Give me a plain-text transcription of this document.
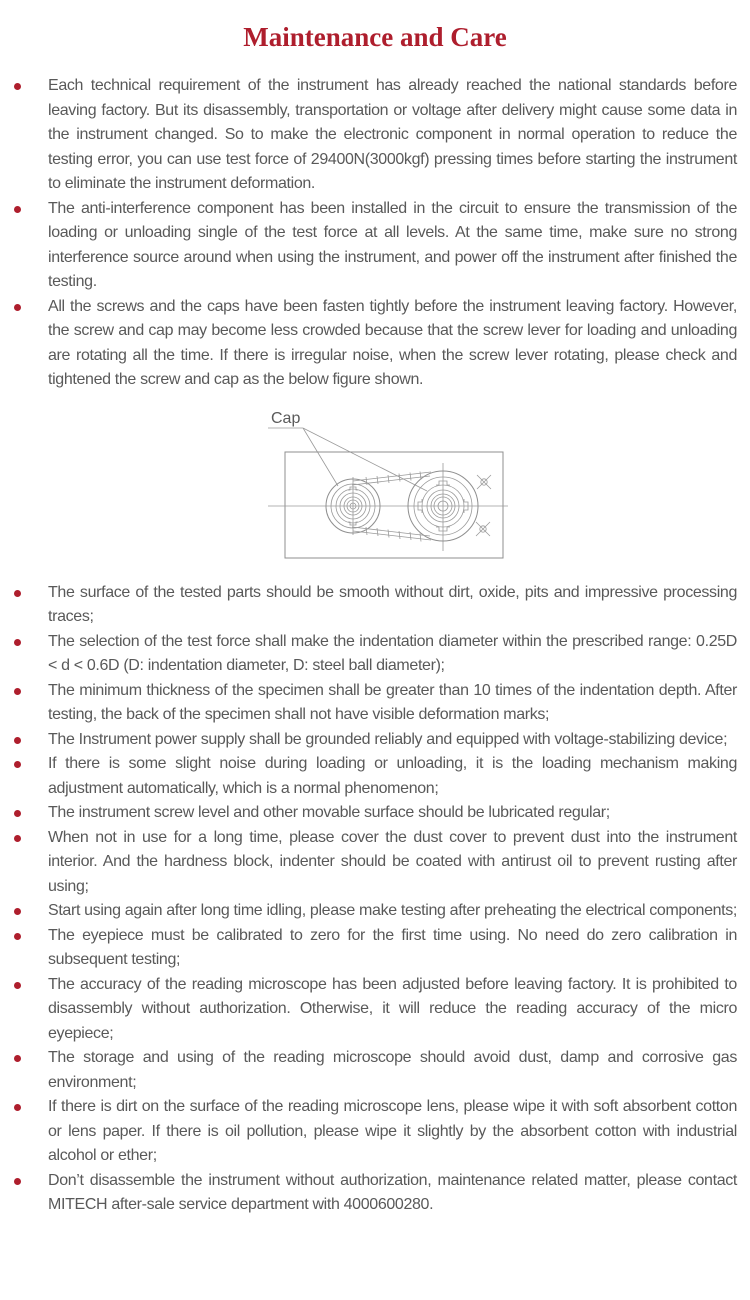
Maintenance and Care
Each technical requirement of the instrument has already reached the national standards before leaving factory. But its disassembly, transportation or voltage after delivery might cause some data in the instrument changed. So to make the electronic component in normal operation to reduce the testing error, you can use test force of 29400N(3000kgf) pressing times before starting the instrument to eliminate the instrument deformation.
The anti-interference component has been installed in the circuit to ensure the transmission of the loading or unloading single of the test force at all levels. At the same time, make sure no strong interference source around when using the instrument, and power off the instrument after finished the testing.
All the screws and the caps have been fasten tightly before the instrument leaving factory. However, the screw and cap may become less crowded because that the screw lever for loading and unloading are rotating all the time. If there is irregular noise, when the screw lever rotating, please check and tightened the screw and cap as the below figure shown.
Cap
The surface of the tested parts should be smooth without dirt, oxide, pits and impressive processing traces;
The selection of the test force shall make the indentation diameter within the prescribed range: 0.25D < d < 0.6D (D: indentation diameter, D: steel ball diameter);
The minimum thickness of the specimen shall be greater than 10 times of the indentation depth. After testing, the back of the specimen shall not have visible deformation marks;
The Instrument power supply shall be grounded reliably and equipped with voltage-stabilizing device;
If there is some slight noise during loading or unloading, it is the loading mechanism making adjustment automatically, which is a normal phenomenon;
The instrument screw level and other movable surface should be lubricated regular;
When not in use for a long time, please cover the dust cover to prevent dust into the instrument interior. And the hardness block, indenter should be coated with antirust oil to prevent rusting after using;
Start using again after long time idling, please make testing after preheating the electrical components;
The eyepiece must be calibrated to zero for the first time using. No need do zero calibration in subsequent testing;
The accuracy of the reading microscope has been adjusted before leaving factory. It is prohibited to disassembly without authorization. Otherwise, it will reduce the reading accuracy of the micro eyepiece;
The storage and using of the reading microscope should avoid dust, damp and corrosive gas environment;
If there is dirt on the surface of the reading microscope lens, please wipe it with soft absorbent cotton or lens paper. If there is oil pollution, please wipe it slightly by the absorbent cotton with industrial alcohol or ether;
Don’t disassemble the instrument without authorization, maintenance related matter, please contact MITECH after-sale service department with 4000600280.
